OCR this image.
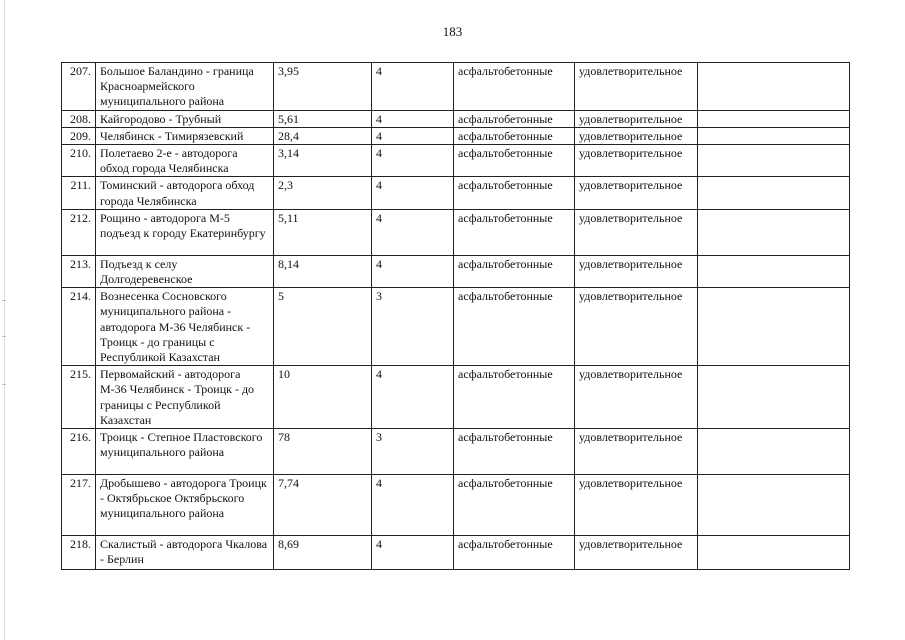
183
207.	Большое Баландино - граница Красноармейского муниципального района	3,95	4	асфальтобетонные	удовлетворительное	
208.	Кайгородово - Трубный	5,61	4	асфальтобетонные	удовлетворительное	
209.	Челябинск - Тимирязевский	28,4	4	асфальтобетонные	удовлетворительное	
210.	Полетаево 2-е - автодорога обход города Челябинска	3,14	4	асфальтобетонные	удовлетворительное	
211.	Томинский - автодорога обход города Челябинска	2,3	4	асфальтобетонные	удовлетворительное	
212.	Рощино - автодорога М-5 подъезд к городу Екатеринбургу	5,11	4	асфальтобетонные	удовлетворительное	
213.	Подъезд к селу Долгодеревенское	8,14	4	асфальтобетонные	удовлетворительное	
214.	Вознесенка Сосновского муниципального района - автодорога М-36 Челябинск - Троицк - до границы с Республикой Казахстан	5	3	асфальтобетонные	удовлетворительное	
215.	Первомайский - автодорога М-36 Челябинск - Троицк - до границы с Республикой Казахстан	10	4	асфальтобетонные	удовлетворительное	
216.	Троицк - Степное Пластовского муниципального района	78	3	асфальтобетонные	удовлетворительное	
217.	Дробышево - автодорога Троицк - Октябрьское Октябрьского муниципального района	7,74	4	асфальтобетонные	удовлетворительное	
218.	Скалистый - автодорога Чкалова - Берлин	8,69	4	асфальтобетонные	удовлетворительное	
